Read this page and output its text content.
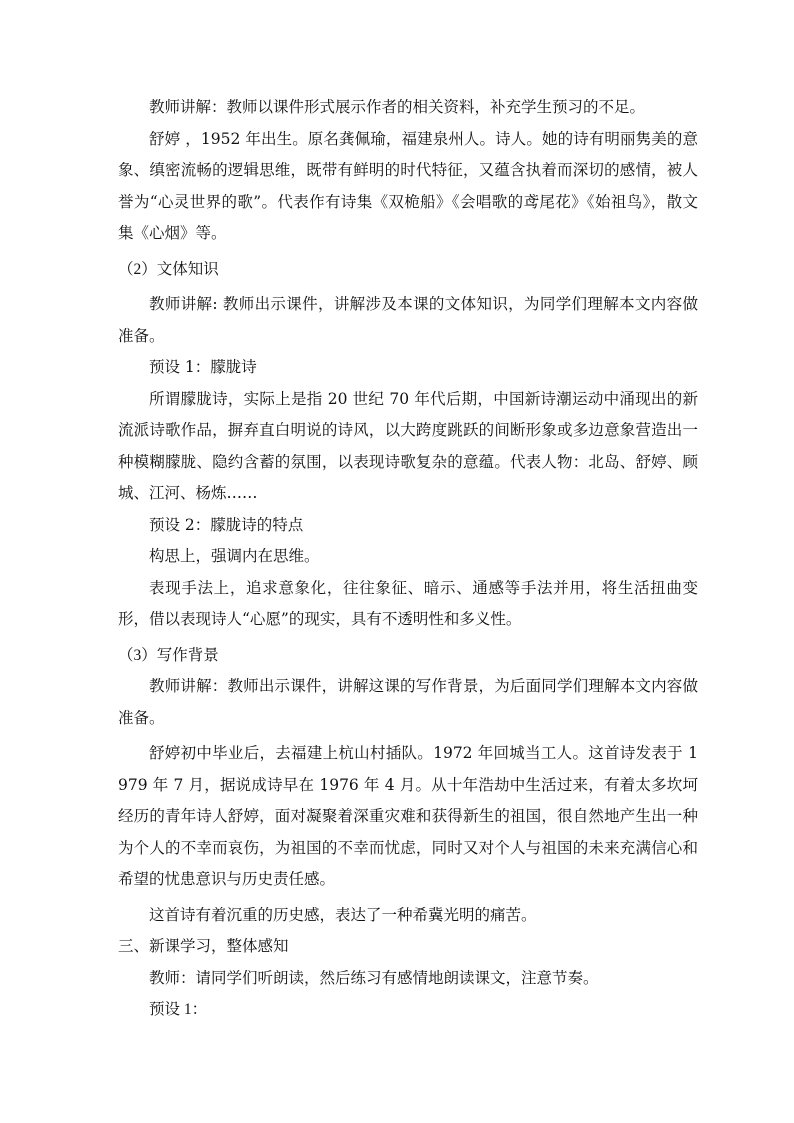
教师讲解：教师以课件形式展示作者的相关资料，补充学生预习的不足。

舒婷 ，1952 年出生。原名龚佩瑜，福建泉州人。诗人。她的诗有明丽隽美的意象、缜密流畅的逻辑思维，既带有鲜明的时代特征，又蕴含执着而深切的感情，被人誉为“心灵世界的歌”。代表作有诗集《双桅船》《会唱歌的鸢尾花》《始祖鸟》，散文集《心烟》等。

（2）文体知识

教师讲解: 教师出示课件，讲解涉及本课的文体知识，为同学们理解本文内容做准备。

预设 1：朦胧诗

所谓朦胧诗，实际上是指 20 世纪 70 年代后期，中国新诗潮运动中涌现出的新流派诗歌作品，摒弃直白明说的诗风，以大跨度跳跃的间断形象或多边意象营造出一种模糊朦胧、隐约含蓄的氛围，以表现诗歌复杂的意蕴。代表人物：北岛、舒婷、顾城、江河、杨炼……

预设 2：朦胧诗的特点

构思上，强调内在思维。

表现手法上，追求意象化，往往象征、暗示、通感等手法并用，将生活扭曲变形，借以表现诗人“心愿”的现实，具有不透明性和多义性。

（3）写作背景

教师讲解：教师出示课件，讲解这课的写作背景，为后面同学们理解本文内容做准备。

舒婷初中毕业后，去福建上杭山村插队。1972 年回城当工人。这首诗发表于 1979 年 7 月，据说成诗早在 1976 年 4 月。从十年浩劫中生活过来，有着太多坎坷经历的青年诗人舒婷，面对凝聚着深重灾难和获得新生的祖国，很自然地产生出一种为个人的不幸而哀伤，为祖国的不幸而忧虑，同时又对个人与祖国的未来充满信心和希望的忧患意识与历史责任感。

这首诗有着沉重的历史感，表达了一种希冀光明的痛苦。

三、新课学习，整体感知

教师：请同学们听朗读，然后练习有感情地朗读课文，注意节奏。

预设 1：
